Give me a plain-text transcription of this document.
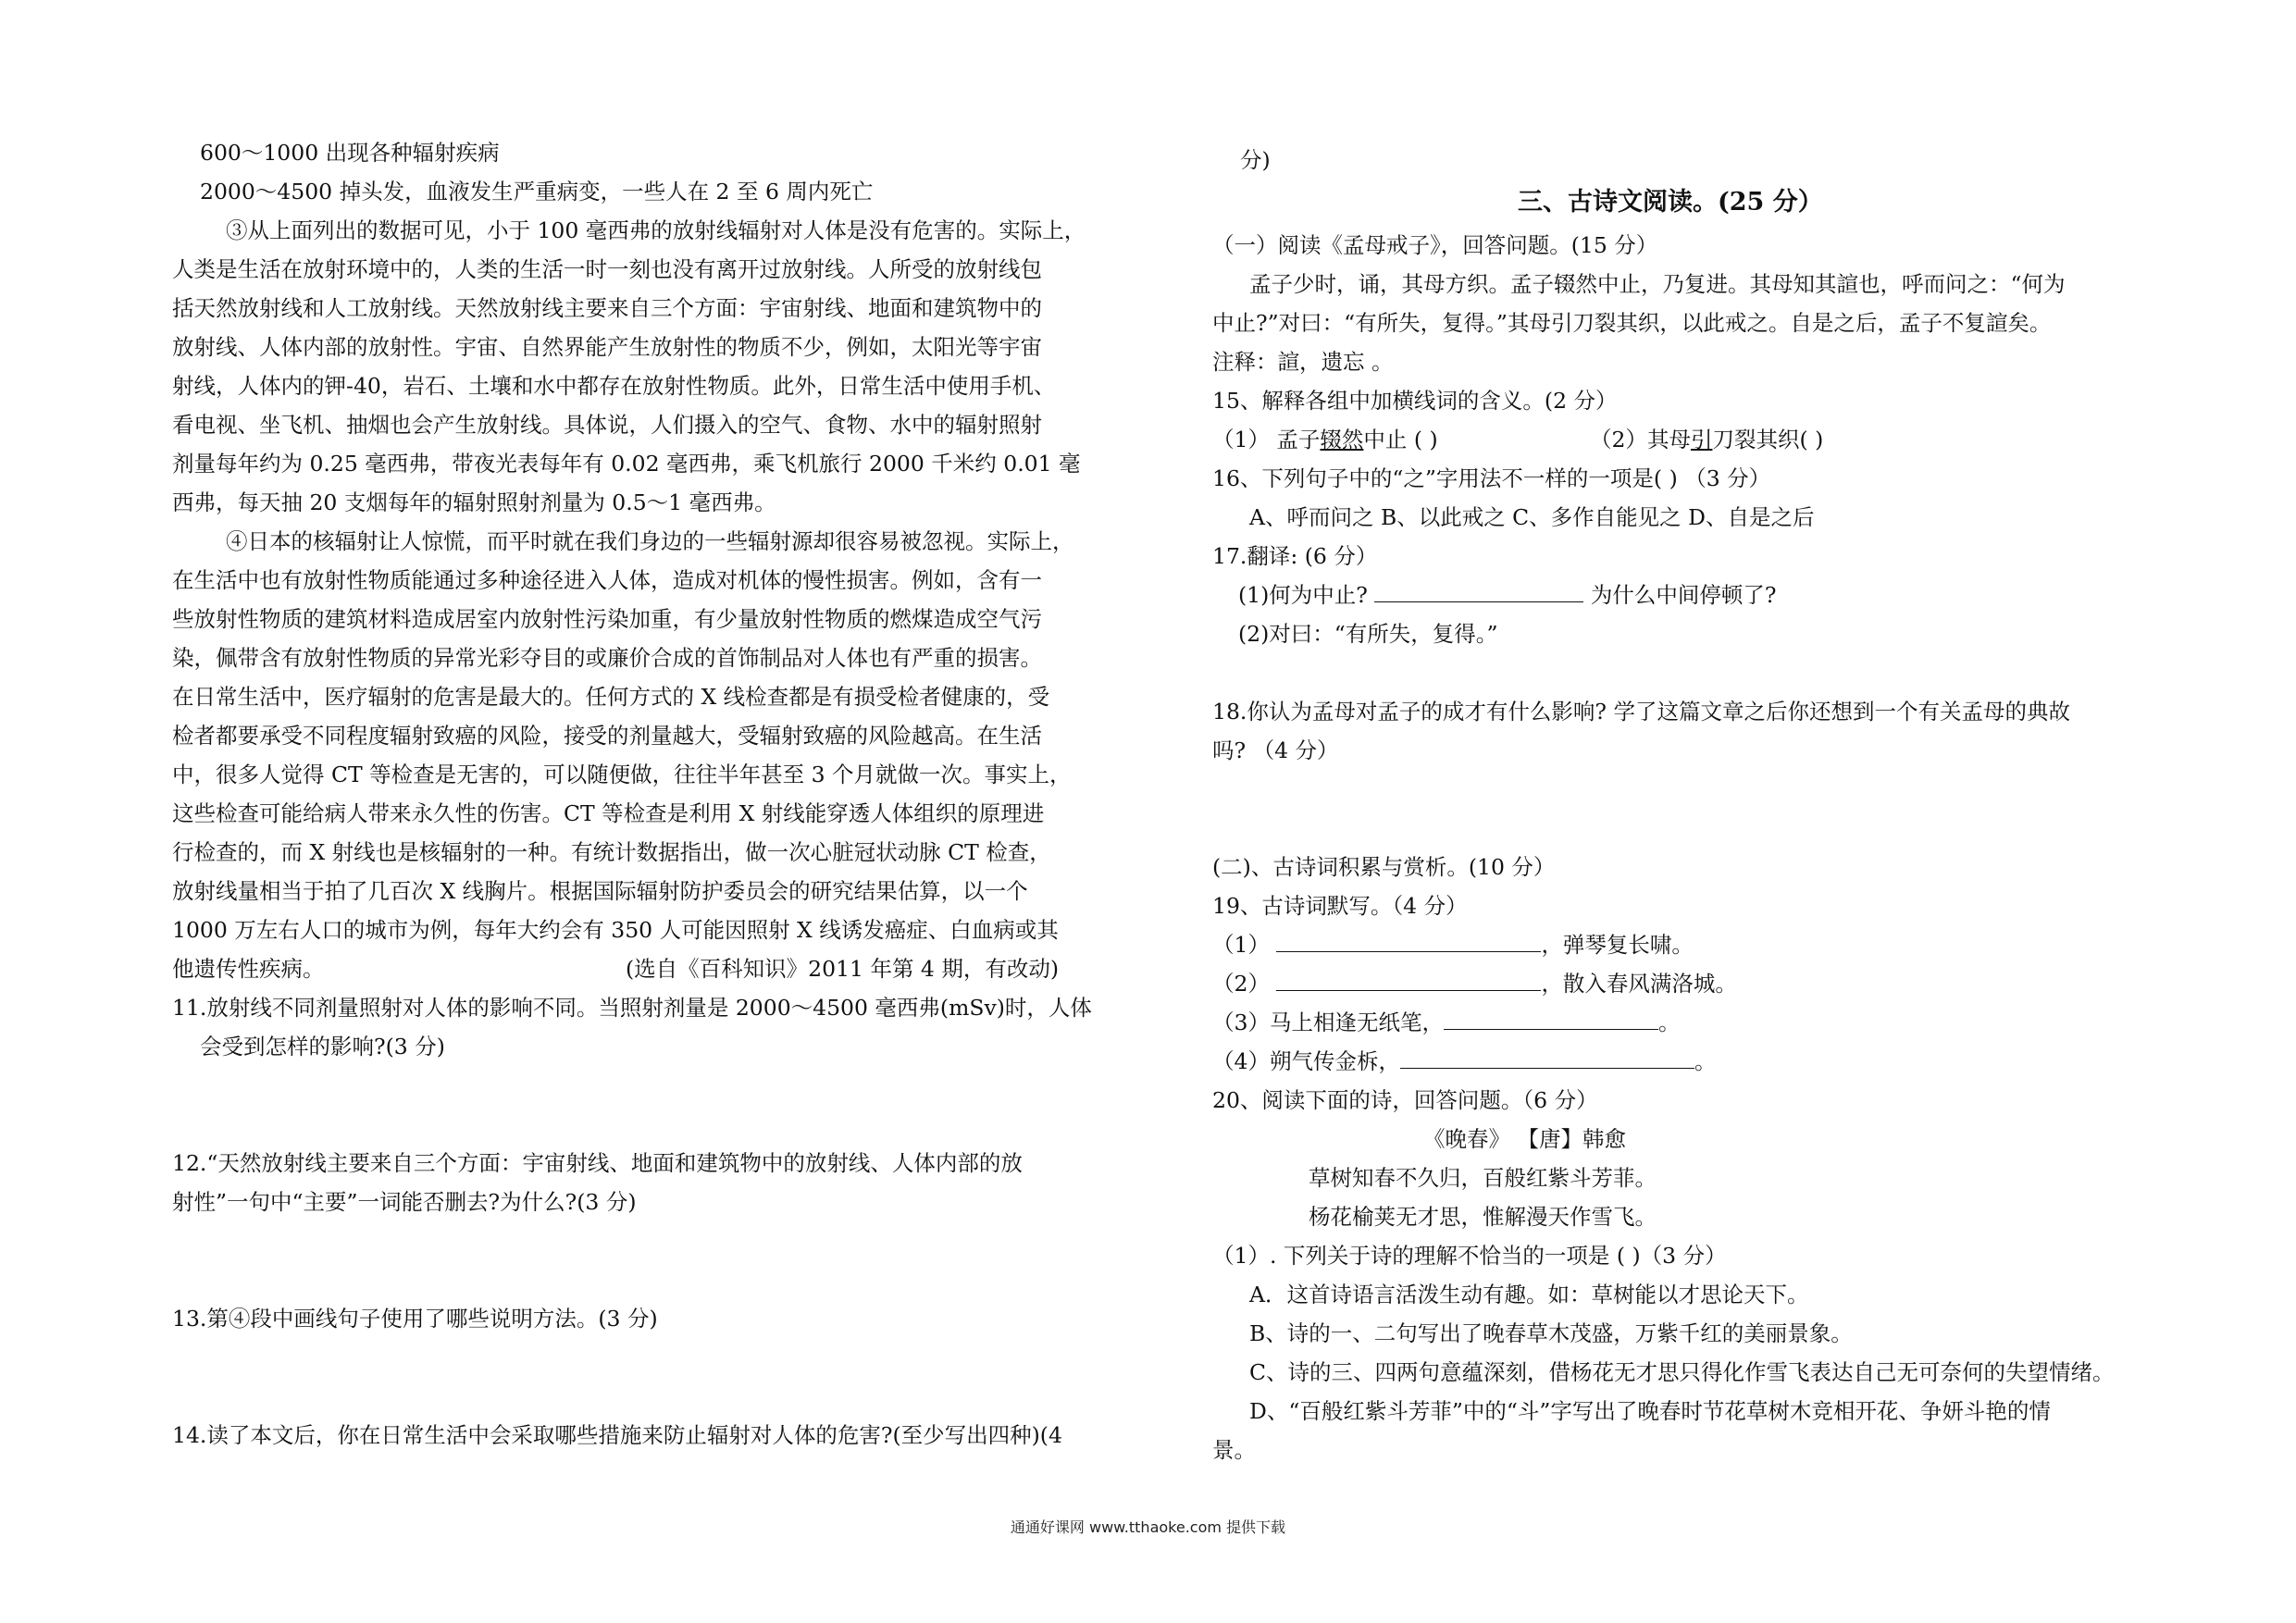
600～1000 出现各种辐射疾病
2000～4500 掉头发，血液发生严重病变，一些人在 2 至 6 周内死亡
③从上面列出的数据可见，小于 100 毫西弗的放射线辐射对人体是没有危害的。实际上，
人类是生活在放射环境中的，人类的生活一时一刻也没有离开过放射线。人所受的放射线包
括天然放射线和人工放射线。天然放射线主要来自三个方面：宇宙射线、地面和建筑物中的
放射线、人体内部的放射性。宇宙、自然界能产生放射性的物质不少，例如，太阳光等宇宙
射线，人体内的钾-40，岩石、土壤和水中都存在放射性物质。此外，日常生活中使用手机、
看电视、坐飞机、抽烟也会产生放射线。具体说，人们摄入的空气、食物、水中的辐射照射
剂量每年约为 0.25 毫西弗，带夜光表每年有 0.02 毫西弗，乘飞机旅行 2000 千米约 0.01 毫
西弗，每天抽 20 支烟每年的辐射照射剂量为 0.5～1 毫西弗。
④日本的核辐射让人惊慌，而平时就在我们身边的一些辐射源却很容易被忽视。实际上，
在生活中也有放射性物质能通过多种途径进入人体，造成对机体的慢性损害。例如，含有一
些放射性物质的建筑材料造成居室内放射性污染加重，有少量放射性物质的燃煤造成空气污
染，佩带含有放射性物质的异常光彩夺目的或廉价合成的首饰制品对人体也有严重的损害。
在日常生活中，医疗辐射的危害是最大的。任何方式的 X 线检查都是有损受检者健康的，受
检者都要承受不同程度辐射致癌的风险，接受的剂量越大，受辐射致癌的风险越高。在生活
中，很多人觉得 CT 等检查是无害的，可以随便做，往往半年甚至 3 个月就做一次。事实上，
这些检查可能给病人带来永久性的伤害。CT 等检查是利用 X 射线能穿透人体组织的原理进
行检查的，而 X 射线也是核辐射的一种。有统计数据指出，做一次心脏冠状动脉 CT 检查，
放射线量相当于拍了几百次 X 线胸片。根据国际辐射防护委员会的研究结果估算，以一个
1000 万左右人口的城市为例，每年大约会有 350 人可能因照射 X 线诱发癌症、白血病或其
他遗传性疾病。	(选自《百科知识》2011 年第 4 期，有改动)
11.放射线不同剂量照射对人体的影响不同。当照射剂量是 2000～4500 毫西弗(mSv)时，人体
会受到怎样的影响?(3 分)
12.“天然放射线主要来自三个方面：宇宙射线、地面和建筑物中的放射线、人体内部的放
射性”一句中“主要”一词能否删去?为什么?(3 分)
13.第④段中画线句子使用了哪些说明方法。(3 分)
14.读了本文后，你在日常生活中会采取哪些措施来防止辐射对人体的危害?(至少写出四种)(4
分)
三、古诗文阅读。(25 分）
（一）阅读《孟母戒子》，回答问题。(15 分）
孟子少时，诵，其母方织。孟子辍然中止，乃复进。其母知其諠也，呼而问之：“何为
中止?”对曰：“有所失，复得。”其母引刀裂其织，以此戒之。自是之后，孟子不复諠矣。
注释：諠，遗忘 。
15、解释各组中加横线词的含义。(2 分）
（1） 孟子辍然中止 ( )	（2）其母引刀裂其织( )
16、下列句子中的“之”字用法不一样的一项是( ) （3 分）
A、呼而问之 B、以此戒之 C、多作自能见之 D、自是之后
17.翻译: (6 分）
(1)何为中止?	为什么中间停顿了?
(2)对曰：“有所失，复得。”
18.你认为孟母对孟子的成才有什么影响? 学了这篇文章之后你还想到一个有关孟母的典故
吗? （4 分）
(二)、古诗词积累与赏析。(10 分）
19、古诗词默写。（4 分）
（1）	，弹琴复长啸。
（2）	，散入春风满洛城。
（3）马上相逢无纸笔，	。
（4）朔气传金柝，	。
20、阅读下面的诗，回答问题。（6 分）
《晚春》 【唐】韩愈
草树知春不久归，百般红紫斗芳菲。
杨花榆荚无才思，惟解漫天作雪飞。
（1）. 下列关于诗的理解不恰当的一项是 ( )（3 分）
A．这首诗语言活泼生动有趣。如：草树能以才思论天下。
B、诗的一、二句写出了晚春草木茂盛，万紫千红的美丽景象。
C、诗的三、四两句意蕴深刻，借杨花无才思只得化作雪飞表达自己无可奈何的失望情绪。
D、“百般红紫斗芳菲”中的“斗”字写出了晚春时节花草树木竞相开花、争妍斗艳的情
景。
通通好课网 www.tthaoke.com 提供下载
